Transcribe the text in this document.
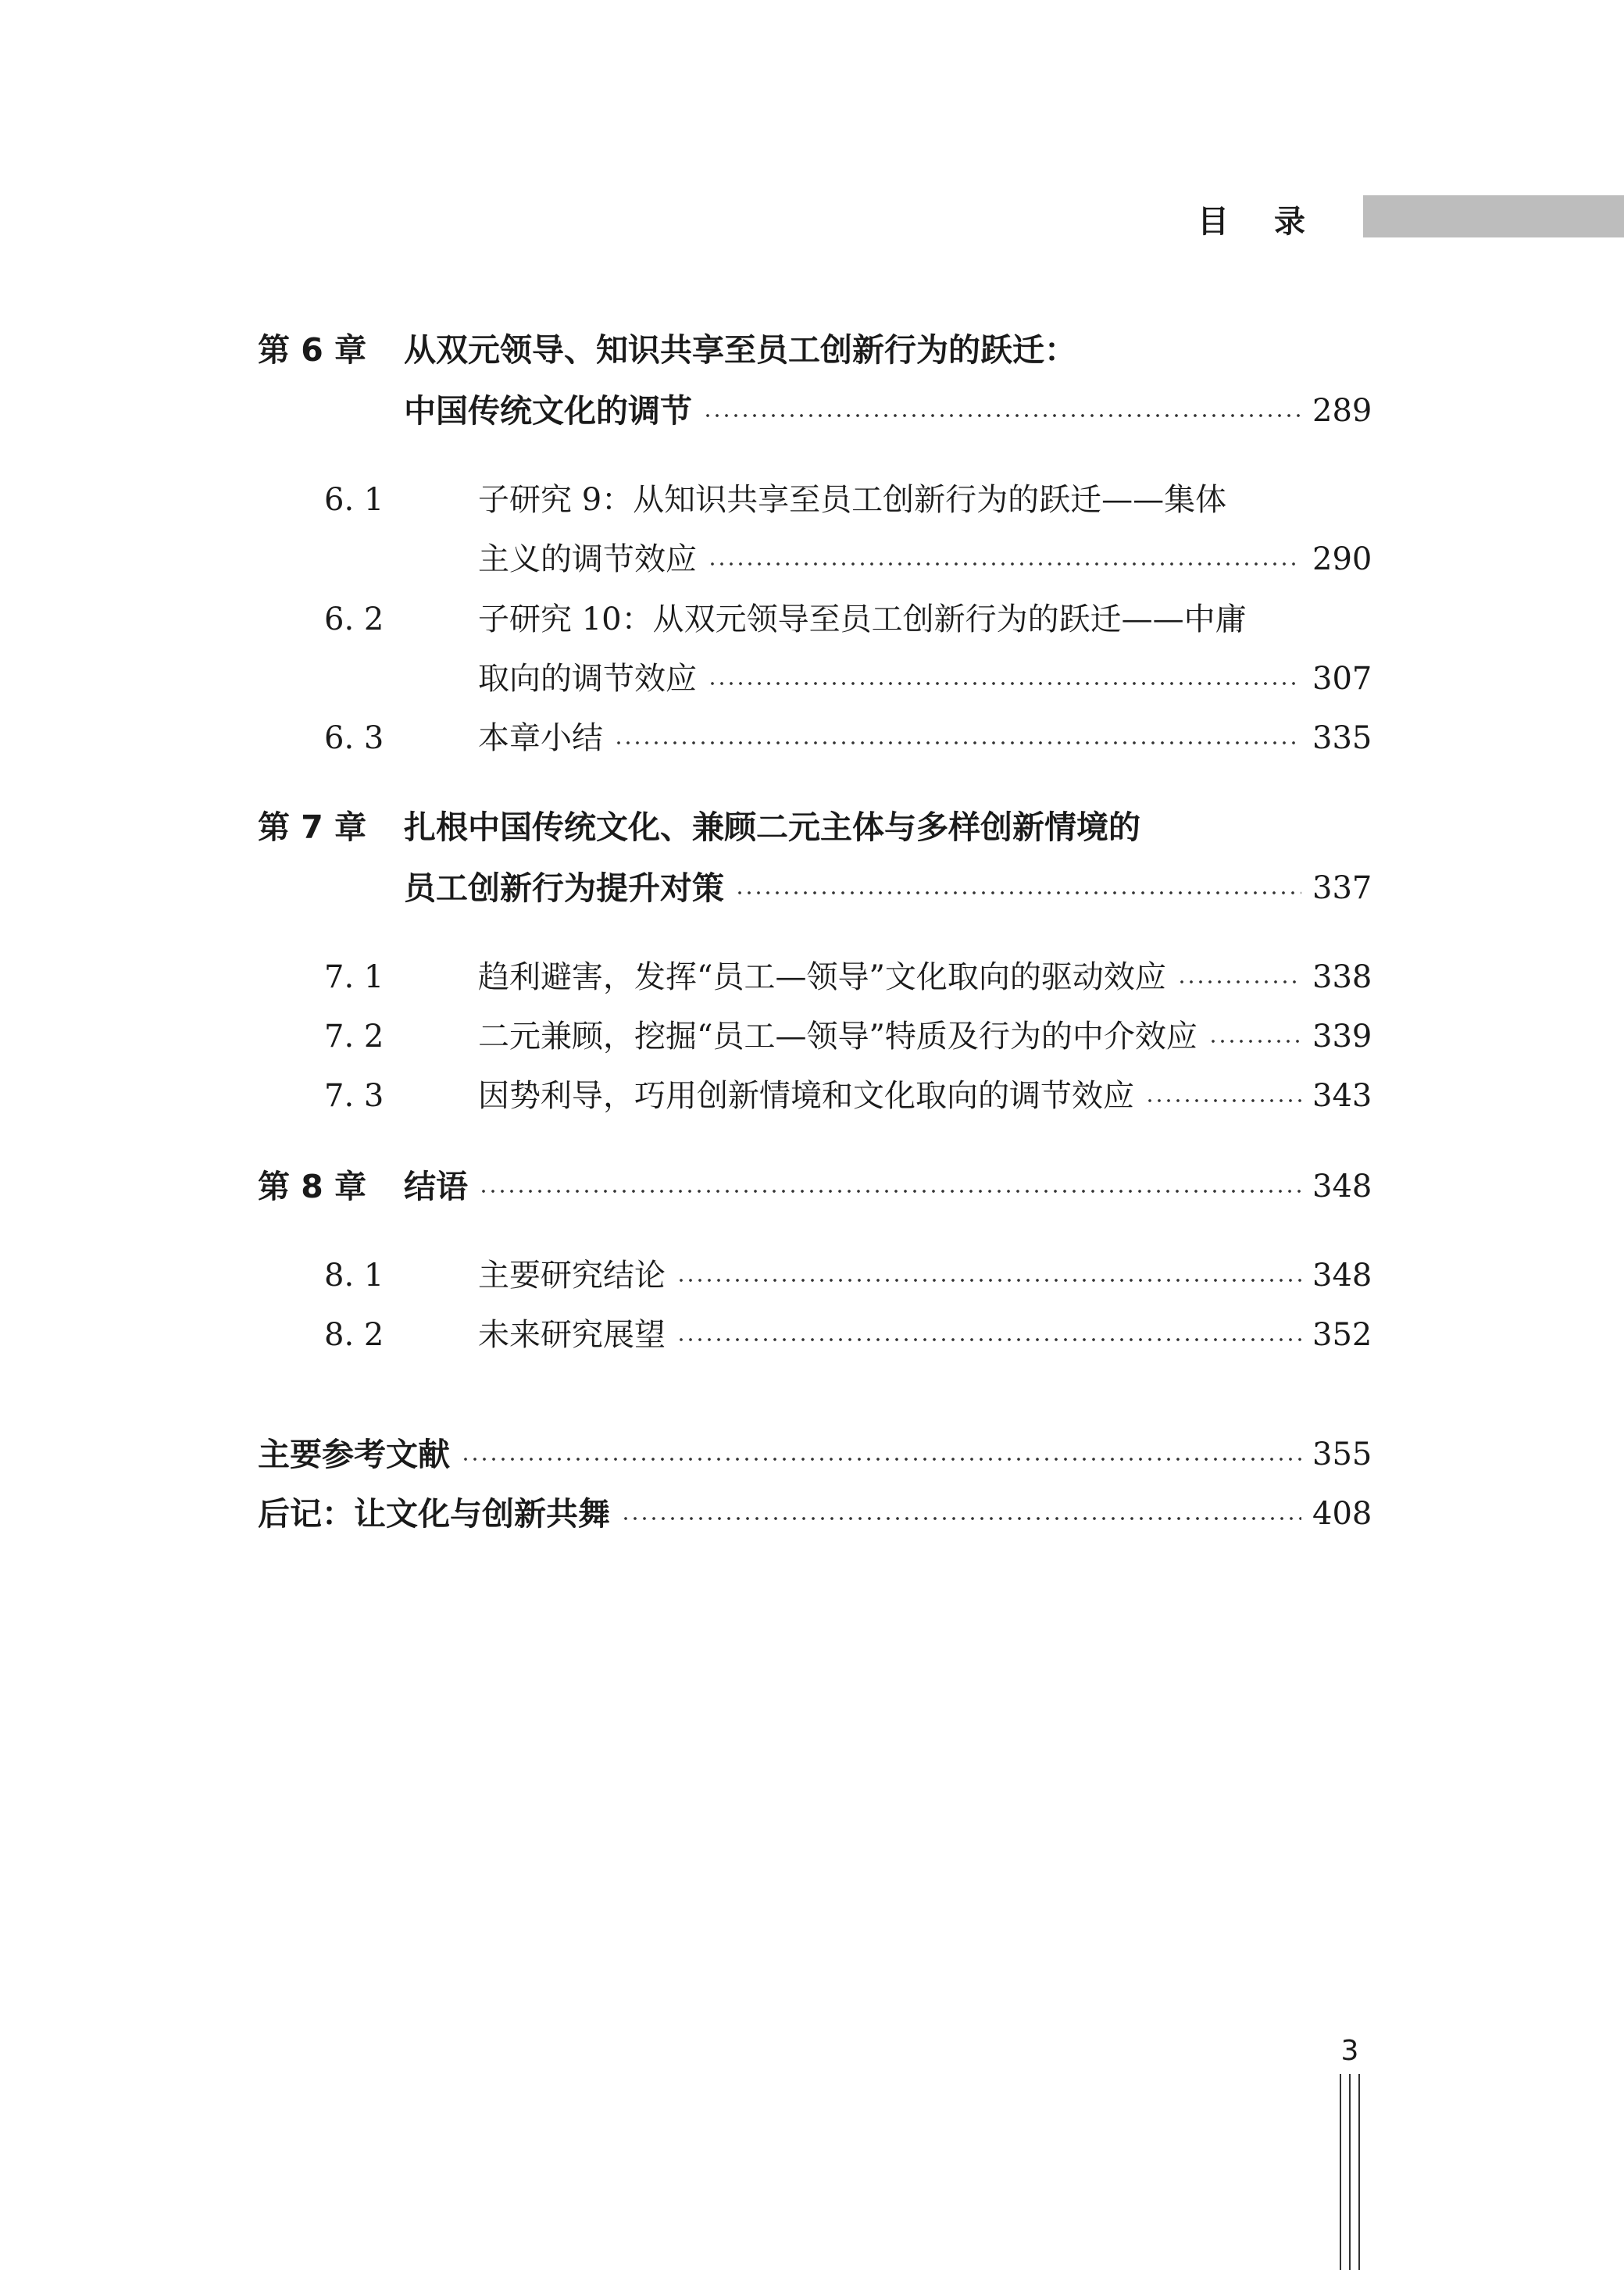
目录
第 6 章	从双元领导、知识共享至员工创新行为的跃迁：
中国传统文化的调节	289
6. 1	子研究 9：从知识共享至员工创新行为的跃迁——集体
主义的调节效应	290
6. 2	子研究 10：从双元领导至员工创新行为的跃迁——中庸
取向的调节效应	307
6. 3	本章小结	335
第 7 章	扎根中国传统文化、兼顾二元主体与多样创新情境的
员工创新行为提升对策	337
7. 1	趋利避害，发挥“员工—领导”文化取向的驱动效应	338
7. 2	二元兼顾，挖掘“员工—领导”特质及行为的中介效应	339
7. 3	因势利导，巧用创新情境和文化取向的调节效应	343
第 8 章	结语	348
8. 1	主要研究结论	348
8. 2	未来研究展望	352
主要参考文献	355
后记：让文化与创新共舞	408
3
